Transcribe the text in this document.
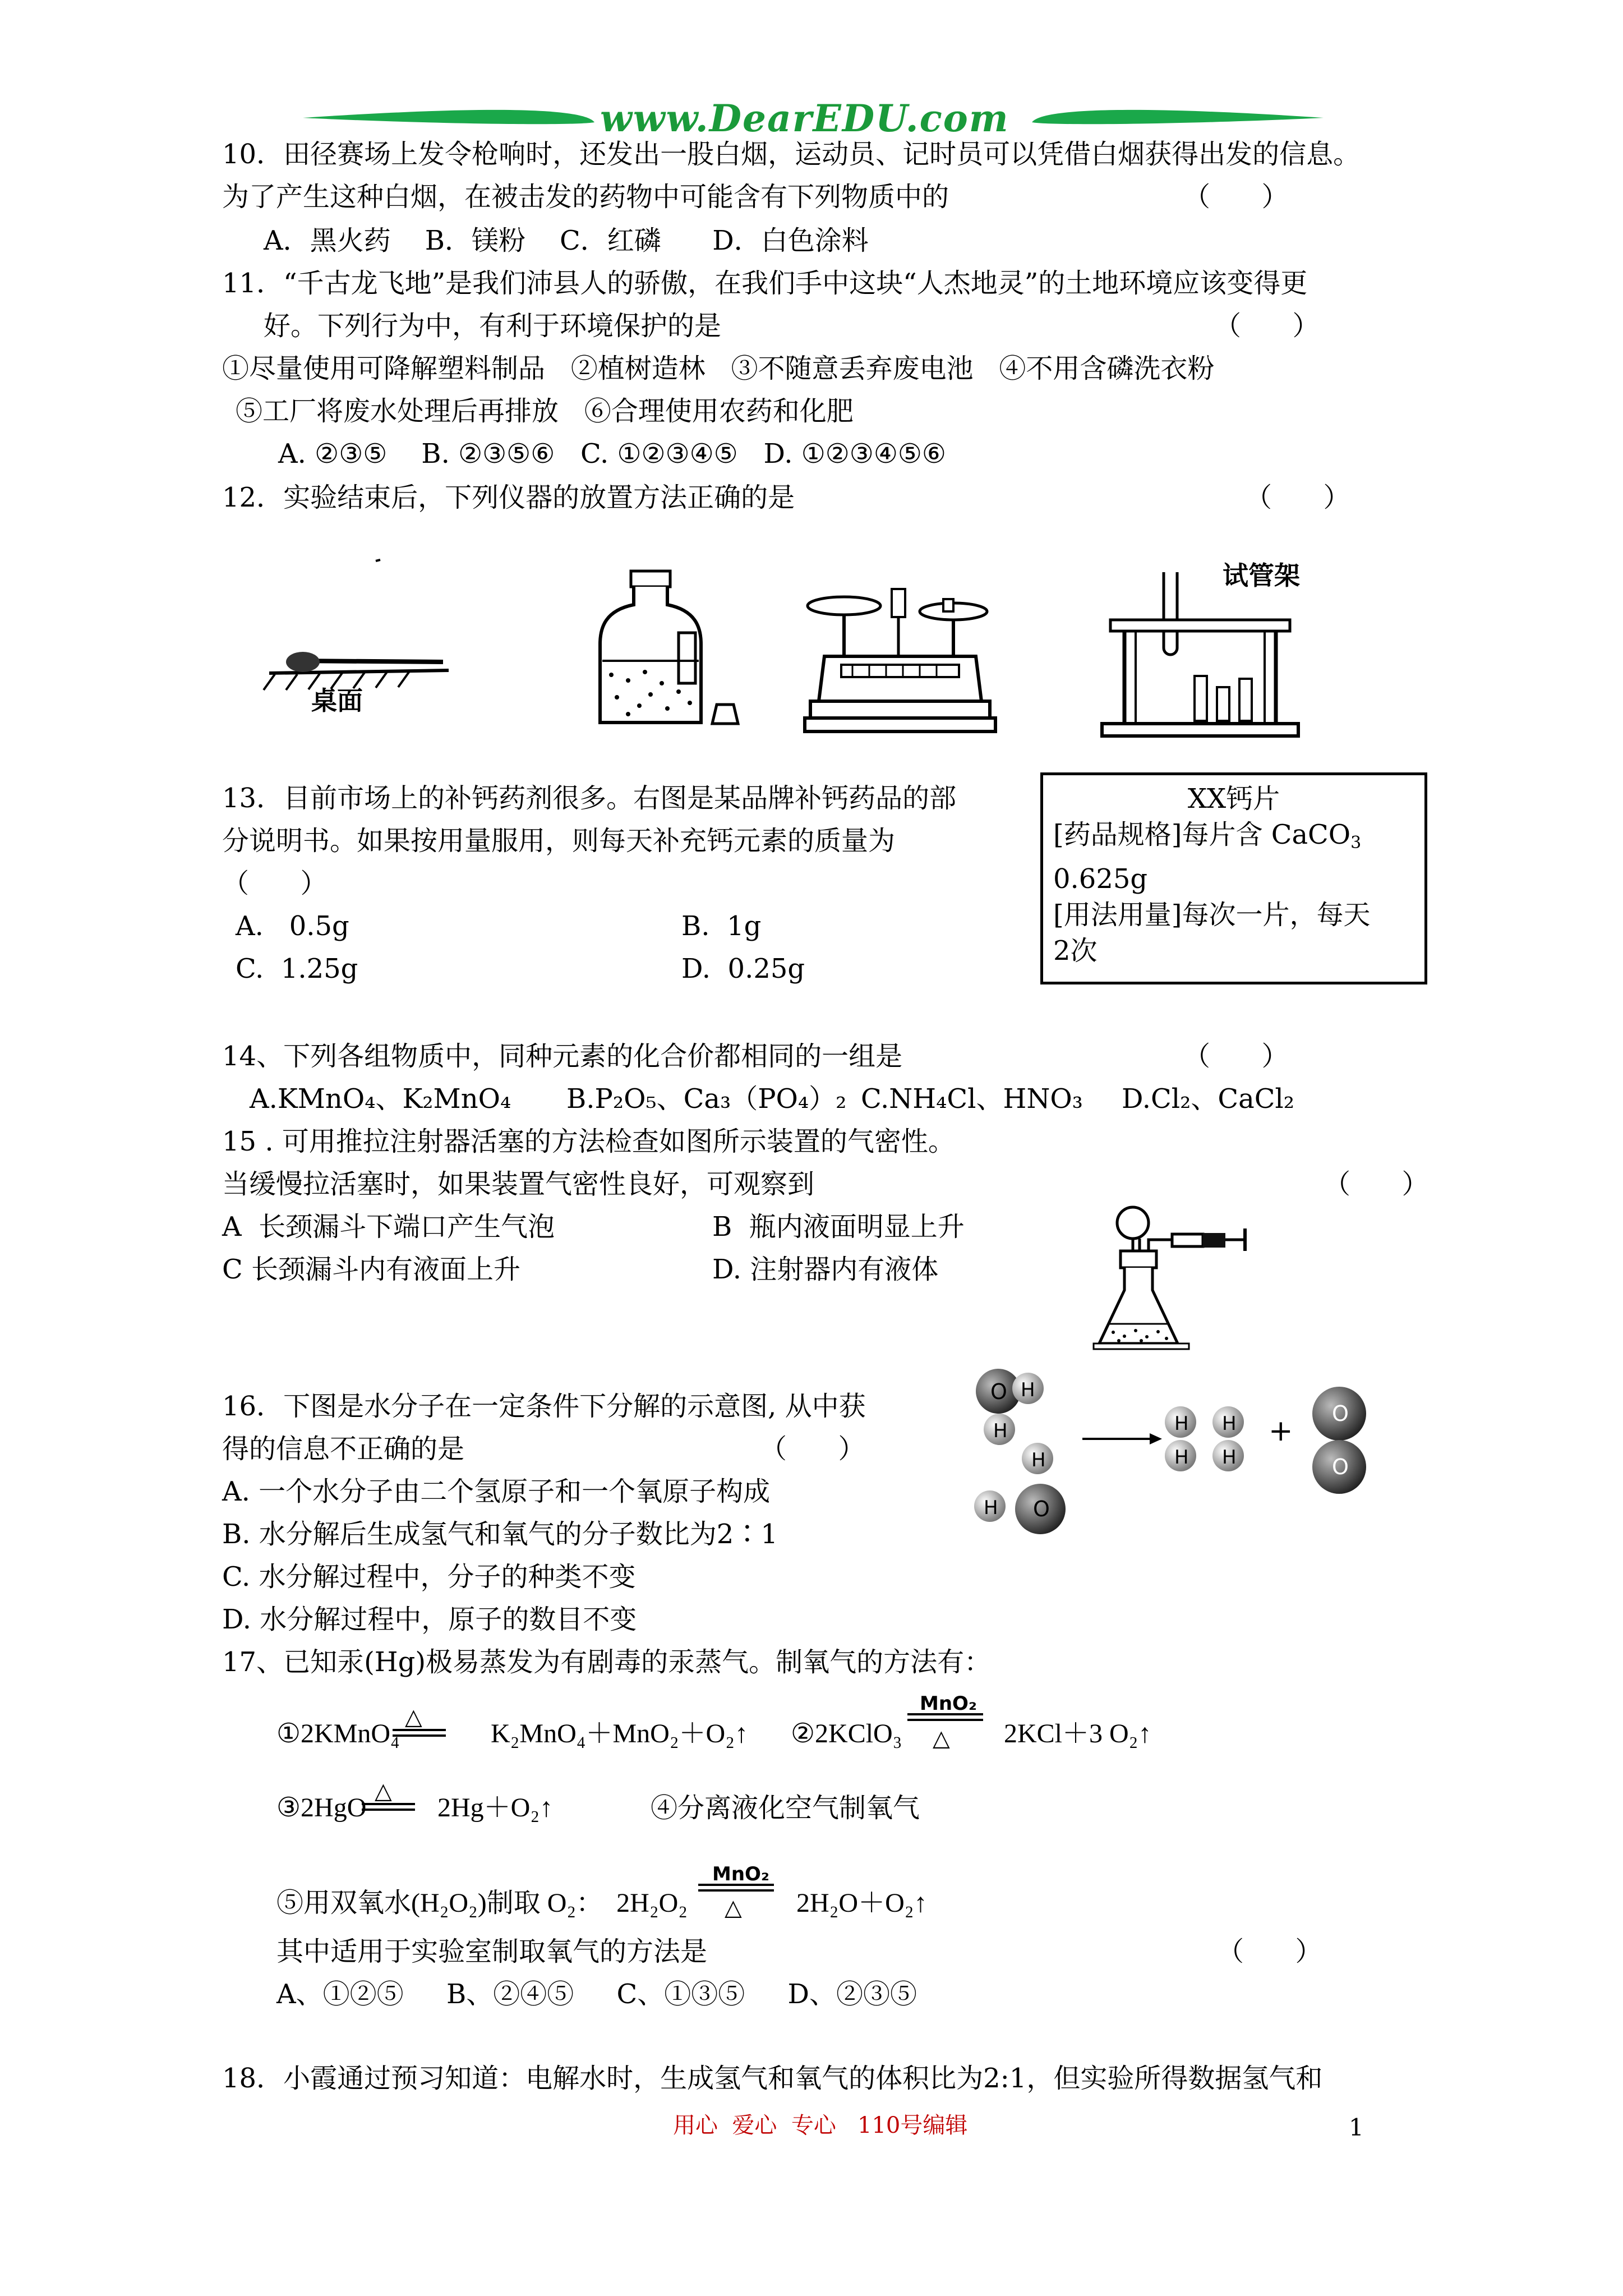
www.DearEDU.com
10．田径赛场上发令枪响时，还发出一股白烟，运动员、记时员可以凭借白烟获得出发的信息。
为了产生这种白烟，在被击发的药物中可能含有下列物质中的	（      ）
A．黑火药    B．镁粉    C．红磷      D．白色涂料
11．“千古龙飞地”是我们沛县人的骄傲，在我们手中这块“人杰地灵”的土地环境应该变得更
好。下列行为中，有利于环境保护的是	（      ）
①尽量使用可降解塑料制品   ②植树造林   ③不随意丢弃废电池   ④不用含磷洗衣粉
⑤工厂将废水处理后再排放   ⑥合理使用农药和化肥
A. ②③⑤    B. ②③⑤⑥   C. ①②③④⑤   D. ①②③④⑤⑥
12．实验结束后，下列仪器的放置方法正确的是	（      ）
桌面
试管架
13．目前市场上的补钙药剂很多。右图是某品牌补钙药品的部
分说明书。如果按用量服用，则每天补充钙元素的质量为
（      ）
A.   0.5g	B.  1g
C.  1.25g	D.  0.25g
XX钙片
[药品规格]每片含 CaCO$_3$
0.625g
[用法用量]每次一片，每天
2次
14、下列各组物质中，同种元素的化合价都相同的一组是	（      ）
A.KMnO₄、K₂MnO₄ B.P₂O₅、Ca₃（PO₄）₂ C.NH₄Cl、HNO₃ D.Cl₂、CaCl₂
15 . 可用推拉注射器活塞的方法检查如图所示装置的气密性。
当缓慢拉活塞时，如果装置气密性良好，可观察到	（      ）
A  长颈漏斗下端口产生气泡	B  瓶内液面明显上升
C 长颈漏斗内有液面上升	D. 注射器内有液体
16．下图是水分子在一定条件下分解的示意图, 从中获
得的信息不正确的是	（      ）
A. 一个水分子由二个氢原子和一个氧原子构成
B. 水分解后生成氢气和氧气的分子数比为2∶1
C. 水分解过程中，分子的种类不变
D. 水分解过程中，原子的数目不变
O H
H
H
H O
H
H
H
H
+
O
O
17、已知汞(Hg)极易蒸发为有剧毒的汞蒸气。制氧气的方法有：
①2KMnO₄
△
K₂MnO₄＋MnO₂＋O₂↑ ②2KClO₃
MnO₂
△ 2KCl＋3 O₂↑
③2HgO
△
2Hg＋O₂↑	④分离液化空气制氧气
⑤用双氧水(H₂O₂)制取 O₂：  2H₂O₂
MnO₂
△ 2H₂O＋O₂↑
其中适用于实验室制取氧气的方法是	（      ）
A、①②⑤     B、②④⑤     C、①③⑤     D、②③⑤
18．小霞通过预习知道：电解水时，生成氢气和氧气的体积比为2:1，但实验所得数据氢气和
用心  爱心  专心   110号编辑	1
